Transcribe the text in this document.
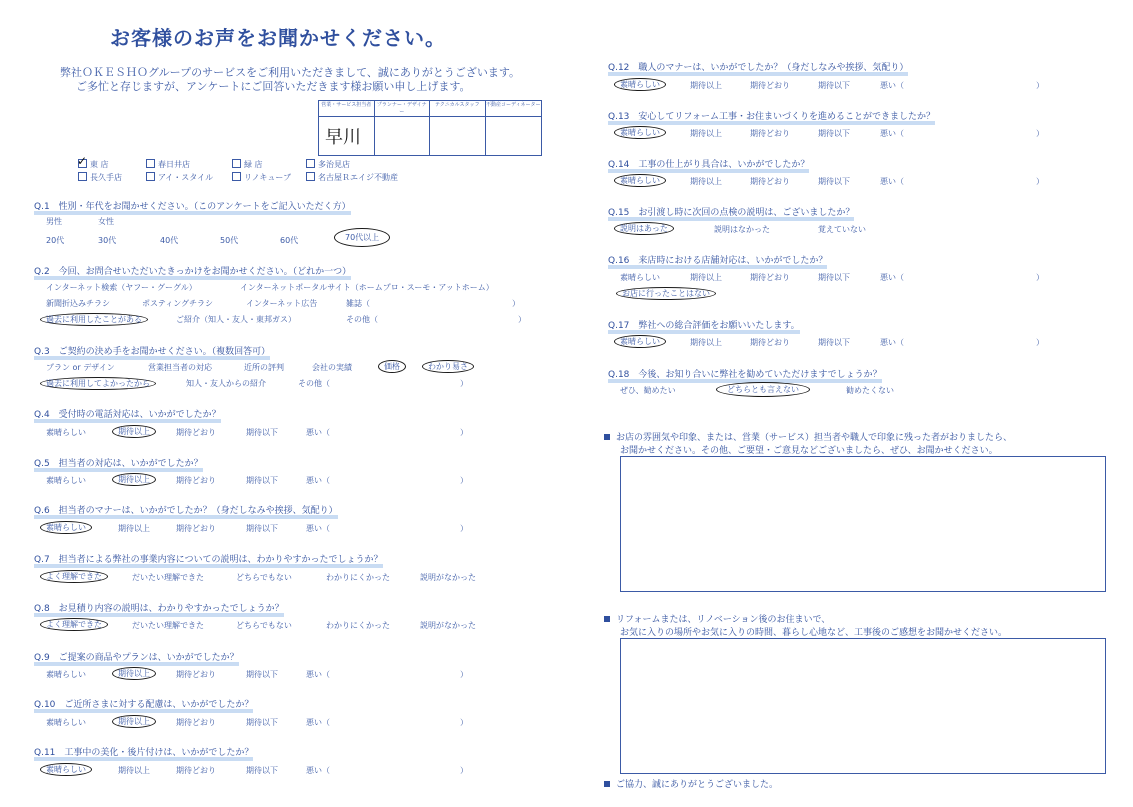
お客様のお声をお聞かせください。
弊社ＯＫＥＳＨＯグループのサービスをご利用いただきまして、誠にありがとうございます。
ご多忙と存じますが、アンケートにご回答いただきます様お願い申し上げます。
営業・サービス担当者	プランナー・デザイナー
テクニカルスタッフ	不動産コーディネーター
早川
✓ 東 店	春日井店	緑 店	多治見店
長久手店	アイ・スタイル	リノキューブ	名古屋Ｒエイジ不動産
Q.1　性別・年代をお聞かせください。（このアンケートをご記入いただく方）
男性	女性
20代	30代	40代	50代	60代	70代以上
Q.2　今回、お問合せいただいたきっかけをお聞かせください。（どれか一つ）
インターネット検索（ヤフー・グーグル）	インターネットポータルサイト（ホームプロ・スーモ・アットホーム）
新聞折込みチラシ	ポスティングチラシ	インターネット広告	雑誌（	）
過去に利用したことがある	ご紹介（知人・友人・東邦ガス）	その他（	）
Q.3　ご契約の決め手をお聞かせください。（複数回答可）
プラン or デザイン	営業担当者の対応	近所の評判	会社の実績	価格	わかり易さ
過去に利用してよかったから	知人・友人からの紹介	その他（	）
Q.4　受付時の電話対応は、いかがでしたか？
素晴らしい	期待以上	期待どおり	期待以下	悪い（	）
Q.5　担当者の対応は、いかがでしたか？
素晴らしい	期待以上	期待どおり	期待以下	悪い（	）
Q.6　担当者のマナーは、いかがでしたか？（身だしなみや挨拶、気配り）
素晴らしい	期待以上	期待どおり	期待以下	悪い（	）
Q.7　担当者による弊社の事業内容についての説明は、わかりやすかったでしょうか？
よく理解できた	だいたい理解できた	どちらでもない	わかりにくかった	説明がなかった
Q.8　お見積り内容の説明は、わかりやすかったでしょうか？
よく理解できた	だいたい理解できた	どちらでもない	わかりにくかった	説明がなかった
Q.9　ご提案の商品やプランは、いかがでしたか？
素晴らしい	期待以上	期待どおり	期待以下	悪い（	）
Q.10　ご近所さまに対する配慮は、いかがでしたか？
素晴らしい	期待以上	期待どおり	期待以下	悪い（	）
Q.11　工事中の美化・後片付けは、いかがでしたか？
素晴らしい	期待以上	期待どおり	期待以下	悪い（	）
Q.12　職人のマナーは、いかがでしたか？（身だしなみや挨拶、気配り）
素晴らしい	期待以上	期待どおり	期待以下	悪い（	）
Q.13　安心してリフォーム工事・お住まいづくりを進めることができましたか？
素晴らしい	期待以上	期待どおり	期待以下	悪い（	）
Q.14　工事の仕上がり具合は、いかがでしたか？
素晴らしい	期待以上	期待どおり	期待以下	悪い（	）
Q.15　お引渡し時に次回の点検の説明は、ございましたか？
説明はあった	説明はなかった	覚えていない
Q.16　来店時における店舗対応は、いかがでしたか？
素晴らしい	期待以上	期待どおり	期待以下	悪い（	）
お店に行ったことはない
Q.17　弊社への総合評価をお願いいたします。
素晴らしい	期待以上	期待どおり	期待以下	悪い（	）
Q.18　今後、お知り合いに弊社を勧めていただけますでしょうか？
ぜひ、勧めたい	どちらとも言えない	勧めたくない
お店の雰囲気や印象、または、営業（サービス）担当者や職人で印象に残った者がおりましたら、
お聞かせください。その他、ご要望・ご意見などございましたら、ぜひ、お聞かせください。
リフォームまたは、リノベーション後のお住まいで、
お気に入りの場所やお気に入りの時間、暮らし心地など、工事後のご感想をお聞かせください。
ご協力、誠にありがとうございました。
